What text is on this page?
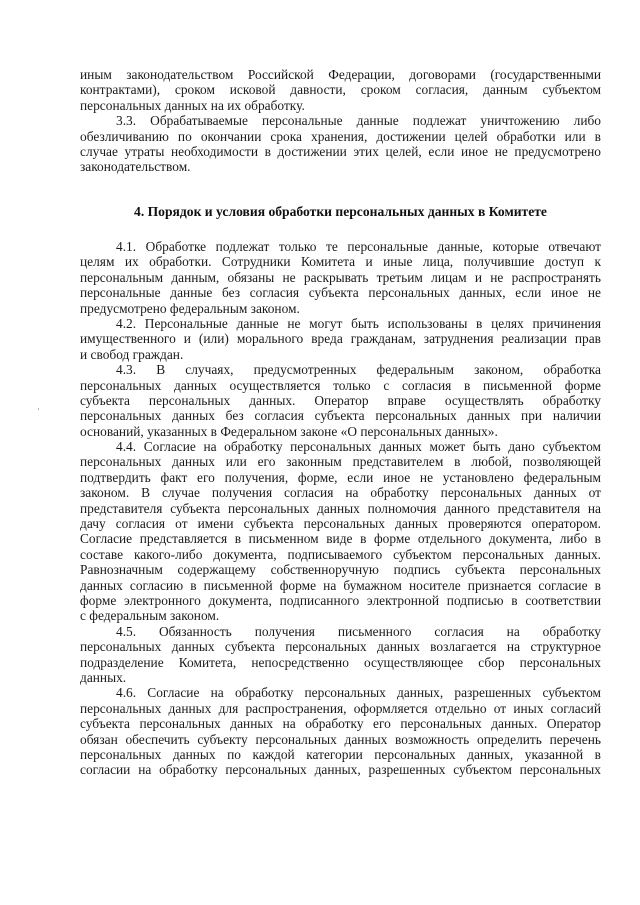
иным законодательством Российской Федерации, договорами (государственными
контрактами), сроком исковой давности, сроком согласия, данным субъектом
персональных данных на их обработку.
3.3. Обрабатываемые персональные данные подлежат уничтожению либо
обезличиванию по окончании срока хранения, достижении целей обработки или в
случае утраты необходимости в достижении этих целей, если иное не предусмотрено
законодательством.
4. Порядок и условия обработки персональных данных в Комитете
4.1. Обработке подлежат только те персональные данные, которые отвечают
целям их обработки. Сотрудники Комитета и иные лица, получившие доступ к
персональным данным, обязаны не раскрывать третьим лицам и не распространять
персональные данные без согласия субъекта персональных данных, если иное не
предусмотрено федеральным законом.
4.2. Персональные данные не могут быть использованы в целях причинения
имущественного и (или) морального вреда гражданам, затруднения реализации прав
и свобод граждан.
4.3. В случаях, предусмотренных федеральным законом, обработка
персональных данных осуществляется только с согласия в письменной форме
субъекта персональных данных. Оператор вправе осуществлять обработку
персональных данных без согласия субъекта персональных данных при наличии
оснований, указанных в Федеральном законе «О персональных данных».
4.4. Согласие на обработку персональных данных может быть дано субъектом
персональных данных или его законным представителем в любой, позволяющей
подтвердить факт его получения, форме, если иное не установлено федеральным
законом. В случае получения согласия на обработку персональных данных от
представителя субъекта персональных данных полномочия данного представителя на
дачу согласия от имени субъекта персональных данных проверяются оператором.
Согласие представляется в письменном виде в форме отдельного документа, либо в
составе какого-либо документа, подписываемого субъектом персональных данных.
Равнозначным содержащему собственноручную подпись субъекта персональных
данных согласию в письменной форме на бумажном носителе признается согласие в
форме электронного документа, подписанного электронной подписью в соответствии
с федеральным законом.
4.5. Обязанность получения письменного согласия на обработку
персональных данных субъекта персональных данных возлагается на структурное
подразделение Комитета, непосредственно осуществляющее сбор персональных
данных.
4.6. Согласие на обработку персональных данных, разрешенных субъектом
персональных данных для распространения, оформляется отдельно от иных согласий
субъекта персональных данных на обработку его персональных данных. Оператор
обязан обеспечить субъекту персональных данных возможность определить перечень
персональных данных по каждой категории персональных данных, указанной в
согласии на обработку персональных данных, разрешенных субъектом персональных
